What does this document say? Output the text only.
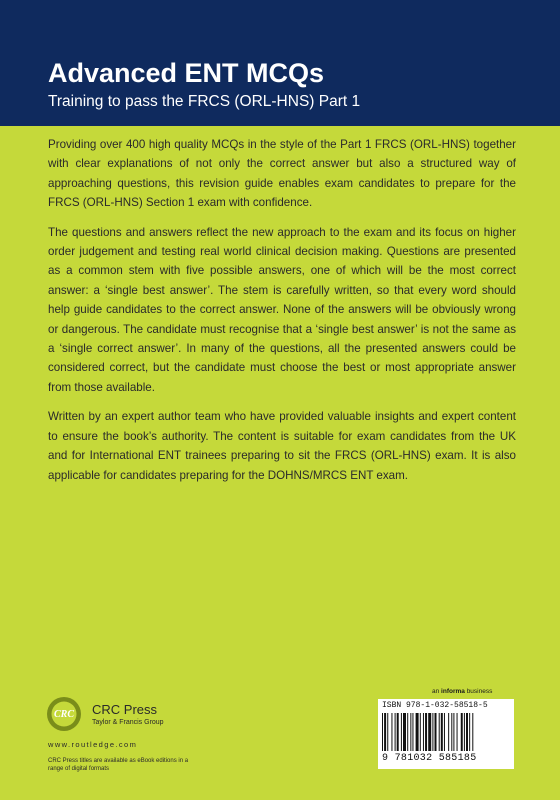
Advanced ENT MCQs
Training to pass the FRCS (ORL-HNS) Part 1

Providing over 400 high quality MCQs in the style of the Part 1 FRCS (ORL-HNS) together with clear explanations of not only the correct answer but also a structured way of approaching questions, this revision guide enables exam candidates to prepare for the FRCS (ORL-HNS) Section 1 exam with confidence.

The questions and answers reflect the new approach to the exam and its focus on higher order judgement and testing real world clinical decision making. Questions are presented as a common stem with five possible answers, one of which will be the most correct answer: a ‘single best answer’. The stem is carefully written, so that every word should help guide candidates to the correct answer. None of the answers will be obviously wrong or dangerous. The candidate must recognise that a ‘single best answer’ is not the same as a ‘single correct answer’. In many of the questions, all the presented answers could be considered correct, but the candidate must choose the best or most appropriate answer from those available.

Written by an expert author team who have provided valuable insights and expert content to ensure the book’s authority. The content is suitable for exam candidates from the UK and for International ENT trainees preparing to sit the FRCS (ORL-HNS) exam. It is also applicable for candidates preparing for the DOHNS/MRCS ENT exam.

CRC CRC Press
Taylor & Francis Group
www.routledge.com
CRC Press titles are available as eBook editions in a range of digital formats
an informa business
ISBN 978-1-032-58518-5
9 781032 585185
